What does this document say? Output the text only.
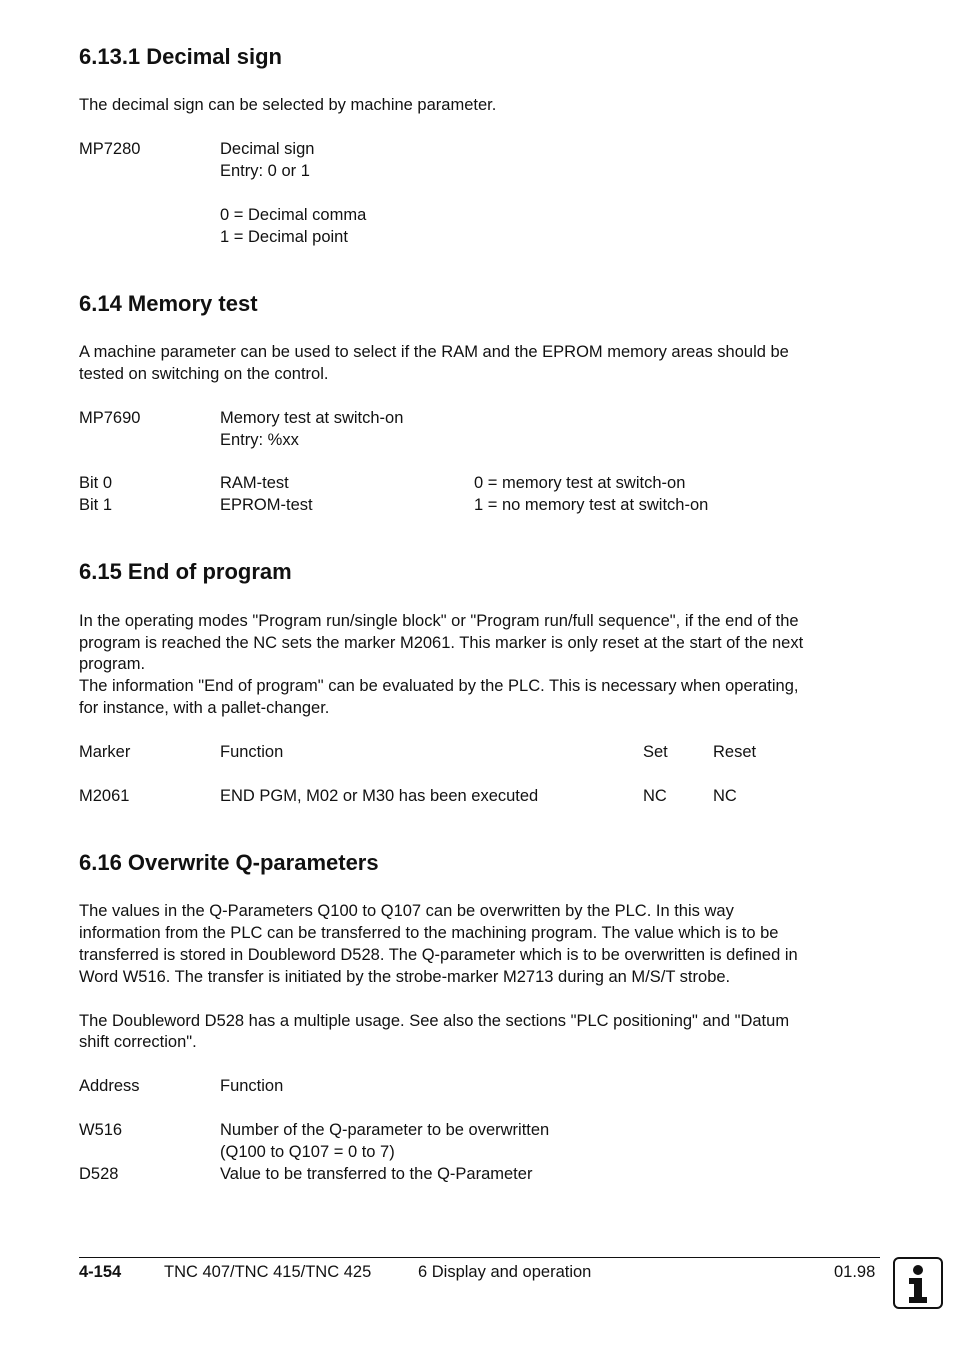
6.13.1 Decimal sign
The decimal sign can be selected by machine parameter.
MP7280	Decimal sign
Entry: 0 or 1
0 = Decimal comma
1 = Decimal point
6.14 Memory test
A machine parameter can be used to select if the RAM and the EPROM memory areas should be
tested on switching on the control.
MP7690	Memory test at switch-on
Entry: %xx
Bit 0	RAM-test	0 = memory test at switch-on
Bit 1	EPROM-test	1 = no memory test at switch-on
6.15 End of program
In the operating modes "Program run/single block" or "Program run/full sequence", if the end of the
program is reached the NC sets the marker M2061. This marker is only reset at the start of the next
program.
The information "End of program" can be evaluated by the PLC. This is necessary when operating,
for instance, with a pallet-changer.
Marker	Function	Set	Reset
M2061	END PGM, M02 or M30 has been executed	NC	NC
6.16 Overwrite Q-parameters
The values in the Q-Parameters Q100 to Q107 can be overwritten by the PLC. In this way
information from the PLC can be transferred to the machining program. The value which is to be
transferred is stored in Doubleword D528. The Q-parameter which is to be overwritten is defined in
Word W516. The transfer is initiated by the strobe-marker M2713 during an M/S/T strobe.
The Doubleword D528 has a multiple usage. See also the sections "PLC positioning" and "Datum
shift correction".
Address	Function
W516	Number of the Q-parameter to be overwritten
(Q100 to Q107 = 0 to 7)
D528	Value to be transferred to the Q-Parameter
4-154	TNC 407/TNC 415/TNC 425	6 Display and operation	01.98
